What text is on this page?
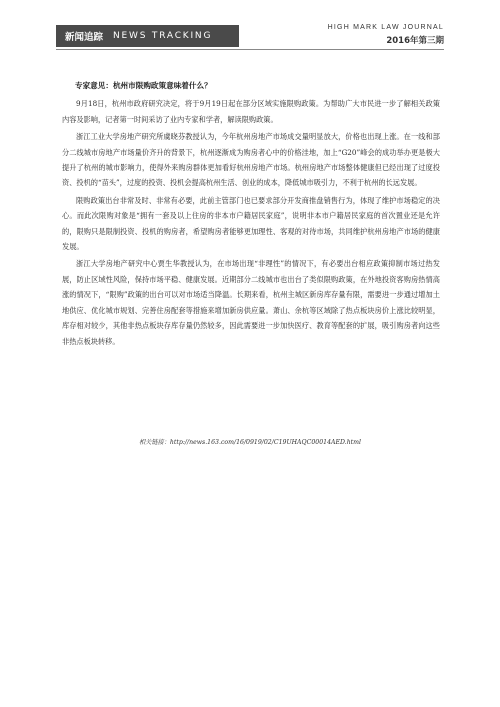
新闻追踪 NEWS TRACKING
HIGH MARK LAW JOURNAL
2016年第三期
专家意见：杭州市限购政策意味着什么？

9月18日，杭州市政府研究决定，将于9月19日起在部分区域实施限购政策。为帮助广大市民进一步了解相关政策内容及影响，记者第一时间采访了业内专家和学者，解读限购政策。

浙江工业大学房地产研究所虞晓芬教授认为，今年杭州房地产市场成交量明显放大，价格也出现上涨。在一线和部分二线城市房地产市场量价齐升的背景下，杭州逐渐成为购房者心中的价格洼地，加上“G20”峰会的成功举办更是极大提升了杭州的城市影响力，使得外来购房群体更加看好杭州房地产市场。杭州房地产市场整体健康但已经出现了过度投资、投机的“苗头”，过度的投资、投机会提高杭州生活、创业的成本，降低城市吸引力，不利于杭州的长远发展。

限购政策出台非常及时、非常有必要，此前主管部门也已要求部分开发商推盘销售行为，体现了维护市场稳定的决心。而此次限购对象是“拥有一套及以上住房的非本市户籍居民家庭”，说明非本市户籍居民家庭的首次置业还是允许的，限购只是限制投资、投机的购房者，希望购房者能够更加理性、客观的对待市场，共同维护杭州房地产市场的健康发展。

浙江大学房地产研究中心贾生华教授认为，在市场出现“非理性”的情况下，有必要出台相应政策抑制市场过热发展，防止区域性风险，保持市场平稳、健康发展。近期部分二线城市也出台了类似限购政策，在外地投资客购房热情高涨的情况下，“限购”政策的出台可以对市场适当降温。长期来看，杭州主城区新房库存量有限，需要进一步通过增加土地供应、优化城市规划、完善住房配套等措施来增加新房供应量。萧山、余杭等区域除了热点板块房价上涨比较明显，库存相对较少，其他非热点板块存库存量仍然较多，因此需要进一步加快医疗、教育等配套的扩展，吸引购房者向这些非热点板块转移。

相关链接：http://news.163.com/16/0919/02/C19UHAQC00014AED.html
